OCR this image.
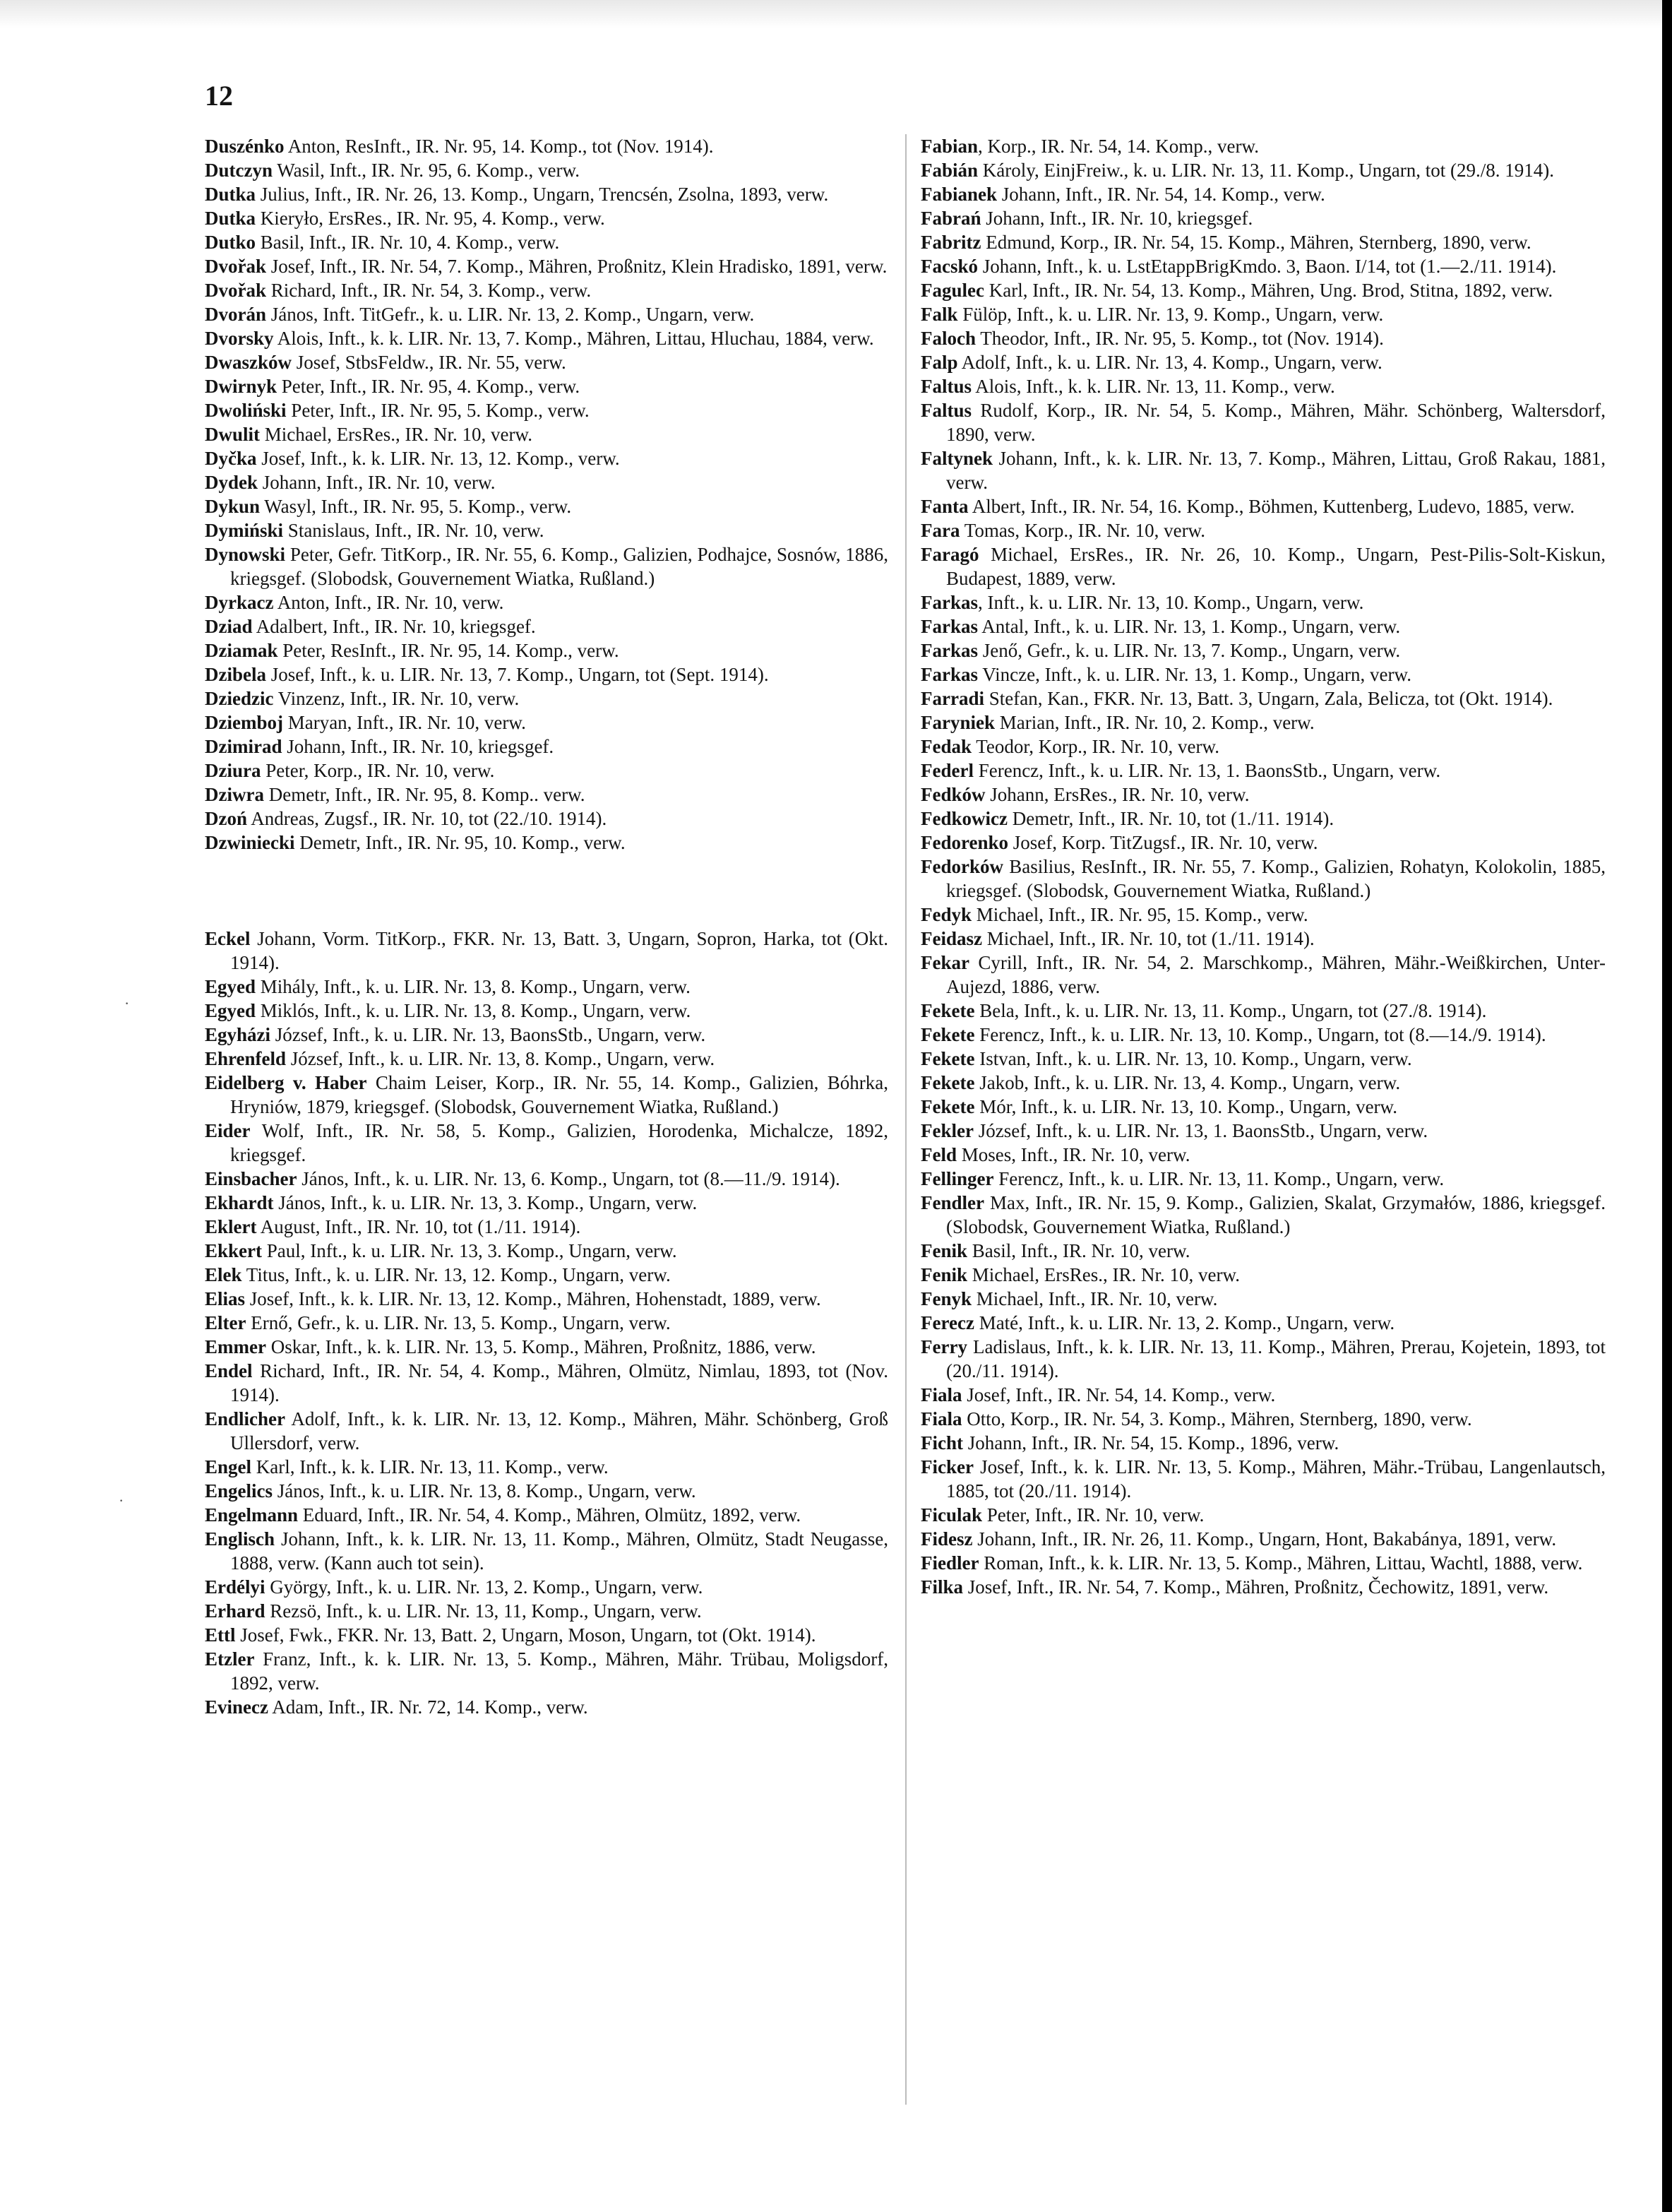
12

Duszénko Anton, ResInft., IR. Nr. 95, 14. Komp., tot (Nov. 1914).

Dutczyn Wasil, Inft., IR. Nr. 95, 6. Komp., verw.

Dutka Julius, Inft., IR. Nr. 26, 13. Komp., Ungarn, Trencsén, Zsolna, 1893, verw.

Dutka Kieryło, ErsRes., IR. Nr. 95, 4. Komp., verw.

Dutko Basil, Inft., IR. Nr. 10, 4. Komp., verw.

Dvořak Josef, Inft., IR. Nr. 54, 7. Komp., Mähren, Proßnitz, Klein Hradisko, 1891, verw.

Dvořak Richard, Inft., IR. Nr. 54, 3. Komp., verw.

Dvorán János, Inft. TitGefr., k. u. LIR. Nr. 13, 2. Komp., Ungarn, verw.

Dvorsky Alois, Inft., k. k. LIR. Nr. 13, 7. Komp., Mähren, Littau, Hluchau, 1884, verw.

Dwaszków Josef, StbsFeldw., IR. Nr. 55, verw.

Dwirnyk Peter, Inft., IR. Nr. 95, 4. Komp., verw.

Dwoliński Peter, Inft., IR. Nr. 95, 5. Komp., verw.

Dwulit Michael, ErsRes., IR. Nr. 10, verw.

Dyčka Josef, Inft., k. k. LIR. Nr. 13, 12. Komp., verw.

Dydek Johann, Inft., IR. Nr. 10, verw.

Dykun Wasyl, Inft., IR. Nr. 95, 5. Komp., verw.

Dymiński Stanislaus, Inft., IR. Nr. 10, verw.

Dynowski Peter, Gefr. TitKorp., IR. Nr. 55, 6. Komp., Galizien, Podhajce, Sosnów, 1886, kriegsgef. (Slobodsk, Gouvernement Wiatka, Rußland.)

Dyrkacz Anton, Inft., IR. Nr. 10, verw.

Dziad Adalbert, Inft., IR. Nr. 10, kriegsgef.

Dziamak Peter, ResInft., IR. Nr. 95, 14. Komp., verw.

Dzibela Josef, Inft., k. u. LIR. Nr. 13, 7. Komp., Ungarn, tot (Sept. 1914).

Dziedzic Vinzenz, Inft., IR. Nr. 10, verw.

Dziemboj Maryan, Inft., IR. Nr. 10, verw.

Dzimirad Johann, Inft., IR. Nr. 10, kriegsgef.

Dziura Peter, Korp., IR. Nr. 10, verw.

Dziwra Demetr, Inft., IR. Nr. 95, 8. Komp.. verw.

Dzoń Andreas, Zugsf., IR. Nr. 10, tot (22./10. 1914).

Dzwiniecki Demetr, Inft., IR. Nr. 95, 10. Komp., verw.

Eckel Johann, Vorm. TitKorp., FKR. Nr. 13, Batt. 3, Ungarn, Sopron, Harka, tot (Okt. 1914).

Egyed Mihály, Inft., k. u. LIR. Nr. 13, 8. Komp., Ungarn, verw.

Egyed Miklós, Inft., k. u. LIR. Nr. 13, 8. Komp., Ungarn, verw.

Egyházi József, Inft., k. u. LIR. Nr. 13, BaonsStb., Ungarn, verw.

Ehrenfeld József, Inft., k. u. LIR. Nr. 13, 8. Komp., Ungarn, verw.

Eidelberg v. Haber Chaim Leiser, Korp., IR. Nr. 55, 14. Komp., Galizien, Bóhrka, Hryniów, 1879, kriegsgef. (Slobodsk, Gouvernement Wiatka, Rußland.)

Eider Wolf, Inft., IR. Nr. 58, 5. Komp., Galizien, Horodenka, Michalcze, 1892, kriegsgef.

Einsbacher János, Inft., k. u. LIR. Nr. 13, 6. Komp., Ungarn, tot (8.—11./9. 1914).

Ekhardt János, Inft., k. u. LIR. Nr. 13, 3. Komp., Ungarn, verw.

Eklert August, Inft., IR. Nr. 10, tot (1./11. 1914).

Ekkert Paul, Inft., k. u. LIR. Nr. 13, 3. Komp., Ungarn, verw.

Elek Titus, Inft., k. u. LIR. Nr. 13, 12. Komp., Ungarn, verw.

Elias Josef, Inft., k. k. LIR. Nr. 13, 12. Komp., Mähren, Hohenstadt, 1889, verw.

Elter Ernő, Gefr., k. u. LIR. Nr. 13, 5. Komp., Ungarn, verw.

Emmer Oskar, Inft., k. k. LIR. Nr. 13, 5. Komp., Mähren, Proßnitz, 1886, verw.

Endel Richard, Inft., IR. Nr. 54, 4. Komp., Mähren, Olmütz, Nimlau, 1893, tot (Nov. 1914).

Endlicher Adolf, Inft., k. k. LIR. Nr. 13, 12. Komp., Mähren, Mähr. Schönberg, Groß Ullersdorf, verw.

Engel Karl, Inft., k. k. LIR. Nr. 13, 11. Komp., verw.

Engelics János, Inft., k. u. LIR. Nr. 13, 8. Komp., Ungarn, verw.

Engelmann Eduard, Inft., IR. Nr. 54, 4. Komp., Mähren, Olmütz, 1892, verw.

Englisch Johann, Inft., k. k. LIR. Nr. 13, 11. Komp., Mähren, Olmütz, Stadt Neugasse, 1888, verw. (Kann auch tot sein).

Erdélyi György, Inft., k. u. LIR. Nr. 13, 2. Komp., Ungarn, verw.

Erhard Rezsö, Inft., k. u. LIR. Nr. 13, 11, Komp., Ungarn, verw.

Ettl Josef, Fwk., FKR. Nr. 13, Batt. 2, Ungarn, Moson, Ungarn, tot (Okt. 1914).

Etzler Franz, Inft., k. k. LIR. Nr. 13, 5. Komp., Mähren, Mähr. Trübau, Moligsdorf, 1892, verw.

Evinecz Adam, Inft., IR. Nr. 72, 14. Komp., verw.

Fabian, Korp., IR. Nr. 54, 14. Komp., verw.

Fabián Károly, EinjFreiw., k. u. LIR. Nr. 13, 11. Komp., Ungarn, tot (29./8. 1914).

Fabianek Johann, Inft., IR. Nr. 54, 14. Komp., verw.

Fabrań Johann, Inft., IR. Nr. 10, kriegsgef.

Fabritz Edmund, Korp., IR. Nr. 54, 15. Komp., Mähren, Sternberg, 1890, verw.

Facskó Johann, Inft., k. u. LstEtappBrigKmdo. 3, Baon. I/14, tot (1.—2./11. 1914).

Fagulec Karl, Inft., IR. Nr. 54, 13. Komp., Mähren, Ung. Brod, Stitna, 1892, verw.

Falk Fülöp, Inft., k. u. LIR. Nr. 13, 9. Komp., Ungarn, verw.

Faloch Theodor, Inft., IR. Nr. 95, 5. Komp., tot (Nov. 1914).

Falp Adolf, Inft., k. u. LIR. Nr. 13, 4. Komp., Ungarn, verw.

Faltus Alois, Inft., k. k. LIR. Nr. 13, 11. Komp., verw.

Faltus Rudolf, Korp., IR. Nr. 54, 5. Komp., Mähren, Mähr. Schönberg, Waltersdorf, 1890, verw.

Faltynek Johann, Inft., k. k. LIR. Nr. 13, 7. Komp., Mähren, Littau, Groß Rakau, 1881, verw.

Fanta Albert, Inft., IR. Nr. 54, 16. Komp., Böhmen, Kuttenberg, Ludevo, 1885, verw.

Fara Tomas, Korp., IR. Nr. 10, verw.

Faragó Michael, ErsRes., IR. Nr. 26, 10. Komp., Ungarn, Pest-Pilis-Solt-Kiskun, Budapest, 1889, verw.

Farkas, Inft., k. u. LIR. Nr. 13, 10. Komp., Ungarn, verw.

Farkas Antal, Inft., k. u. LIR. Nr. 13, 1. Komp., Ungarn, verw.

Farkas Jenő, Gefr., k. u. LIR. Nr. 13, 7. Komp., Ungarn, verw.

Farkas Vincze, Inft., k. u. LIR. Nr. 13, 1. Komp., Ungarn, verw.

Farradi Stefan, Kan., FKR. Nr. 13, Batt. 3, Ungarn, Zala, Belicza, tot (Okt. 1914).

Faryniek Marian, Inft., IR. Nr. 10, 2. Komp., verw.

Fedak Teodor, Korp., IR. Nr. 10, verw.

Federl Ferencz, Inft., k. u. LIR. Nr. 13, 1. BaonsStb., Ungarn, verw.

Fedków Johann, ErsRes., IR. Nr. 10, verw.

Fedkowicz Demetr, Inft., IR. Nr. 10, tot (1./11. 1914).

Fedorenko Josef, Korp. TitZugsf., IR. Nr. 10, verw.

Fedorków Basilius, ResInft., IR. Nr. 55, 7. Komp., Galizien, Rohatyn, Kolokolin, 1885, kriegsgef. (Slobodsk, Gouvernement Wiatka, Rußland.)

Fedyk Michael, Inft., IR. Nr. 95, 15. Komp., verw.

Feidasz Michael, Inft., IR. Nr. 10, tot (1./11. 1914).

Fekar Cyrill, Inft., IR. Nr. 54, 2. Marschkomp., Mähren, Mähr.-Weißkirchen, Unter-Aujezd, 1886, verw.

Fekete Bela, Inft., k. u. LIR. Nr. 13, 11. Komp., Ungarn, tot (27./8. 1914).

Fekete Ferencz, Inft., k. u. LIR. Nr. 13, 10. Komp., Ungarn, tot (8.—14./9. 1914).

Fekete Istvan, Inft., k. u. LIR. Nr. 13, 10. Komp., Ungarn, verw.

Fekete Jakob, Inft., k. u. LIR. Nr. 13, 4. Komp., Ungarn, verw.

Fekete Mór, Inft., k. u. LIR. Nr. 13, 10. Komp., Ungarn, verw.

Fekler József, Inft., k. u. LIR. Nr. 13, 1. BaonsStb., Ungarn, verw.

Feld Moses, Inft., IR. Nr. 10, verw.

Fellinger Ferencz, Inft., k. u. LIR. Nr. 13, 11. Komp., Ungarn, verw.

Fendler Max, Inft., IR. Nr. 15, 9. Komp., Galizien, Skalat, Grzymałów, 1886, kriegsgef. (Slobodsk, Gouvernement Wiatka, Rußland.)

Fenik Basil, Inft., IR. Nr. 10, verw.

Fenik Michael, ErsRes., IR. Nr. 10, verw.

Fenyk Michael, Inft., IR. Nr. 10, verw.

Ferecz Maté, Inft., k. u. LIR. Nr. 13, 2. Komp., Ungarn, verw.

Ferry Ladislaus, Inft., k. k. LIR. Nr. 13, 11. Komp., Mähren, Prerau, Kojetein, 1893, tot (20./11. 1914).

Fiala Josef, Inft., IR. Nr. 54, 14. Komp., verw.

Fiala Otto, Korp., IR. Nr. 54, 3. Komp., Mähren, Sternberg, 1890, verw.

Ficht Johann, Inft., IR. Nr. 54, 15. Komp., 1896, verw.

Ficker Josef, Inft., k. k. LIR. Nr. 13, 5. Komp., Mähren, Mähr.-Trübau, Langenlautsch, 1885, tot (20./11. 1914).

Ficulak Peter, Inft., IR. Nr. 10, verw.

Fidesz Johann, Inft., IR. Nr. 26, 11. Komp., Ungarn, Hont, Bakabánya, 1891, verw.

Fiedler Roman, Inft., k. k. LIR. Nr. 13, 5. Komp., Mähren, Littau, Wachtl, 1888, verw.

Filka Josef, Inft., IR. Nr. 54, 7. Komp., Mähren, Proßnitz, Čechowitz, 1891, verw.

·
·
